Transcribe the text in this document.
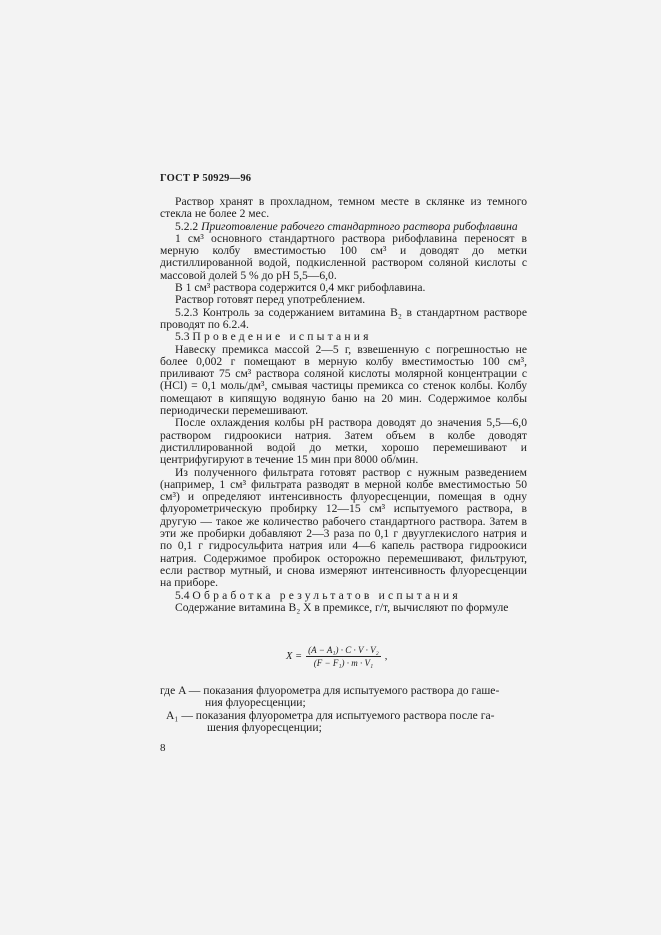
ГОСТ Р 50929—96

Раствор хранят в прохладном, темном месте в склянке из темного стекла не более 2 мес.

5.2.2 Приготовление рабочего стандартного раствора рибофлавина

1 см³ основного стандартного раствора рибофлавина переносят в мерную колбу вместимостью 100 см³ и доводят до метки дистиллированной водой, подкисленной раствором соляной кислоты с массовой долей 5 % до рН 5,5—6,0.

В 1 см³ раствора содержится 0,4 мкг рибофлавина.

Раствор готовят перед употреблением.

5.2.3 Контроль за содержанием витамина В₂ в стандартном растворе проводят по 6.2.4.

5.3 Проведение испытания

Навеску премикса массой 2—5 г, взвешенную с погрешностью не более 0,002 г помещают в мерную колбу вместимостью 100 см³, приливают 75 см³ раствора соляной кислоты молярной концентрации с (HCl) = 0,1 моль/дм³, смывая частицы премикса со стенок колбы. Колбу помещают в кипящую водяную баню на 20 мин. Содержимое колбы периодически перемешивают.

После охлаждения колбы рН раствора доводят до значения 5,5—6,0 раствором гидроокиси натрия. Затем объем в колбе доводят дистиллированной водой до метки, хорошо перемешивают и центрифугируют в течение 15 мин при 8000 об/мин.

Из полученного фильтрата готовят раствор с нужным разведением (например, 1 см³ фильтрата разводят в мерной колбе вместимостью 50 см³) и определяют интенсивность флуоресценции, помещая в одну флуорометрическую пробирку 12—15 см³ испытуемого раствора, в другую — такое же количество рабочего стандартного раствора. Затем в эти же пробирки добавляют 2—3 раза по 0,1 г двууглекислого натрия и по 0,1 г гидросульфита натрия или 4—6 капель раствора гидроокиси натрия. Содержимое пробирок осторожно перемешивают, фильтруют, если раствор мутный, и снова измеряют интенсивность флуоресценции на приборе.

5.4 Обработка результатов испытания

Содержание витамина В₂ X в премиксе, г/т, вычисляют по формуле

$X = \frac{\text{(A − A₁) · C · V · V₂}}{\text{(F − F₁) · m · V₁}}$ ,
где A — показания флуорометра для испытуемого раствора до гаше-
ния флуоресценции;
A₁ — показания флуорометра для испытуемого раствора после га-
шения флуоресценции;
8
